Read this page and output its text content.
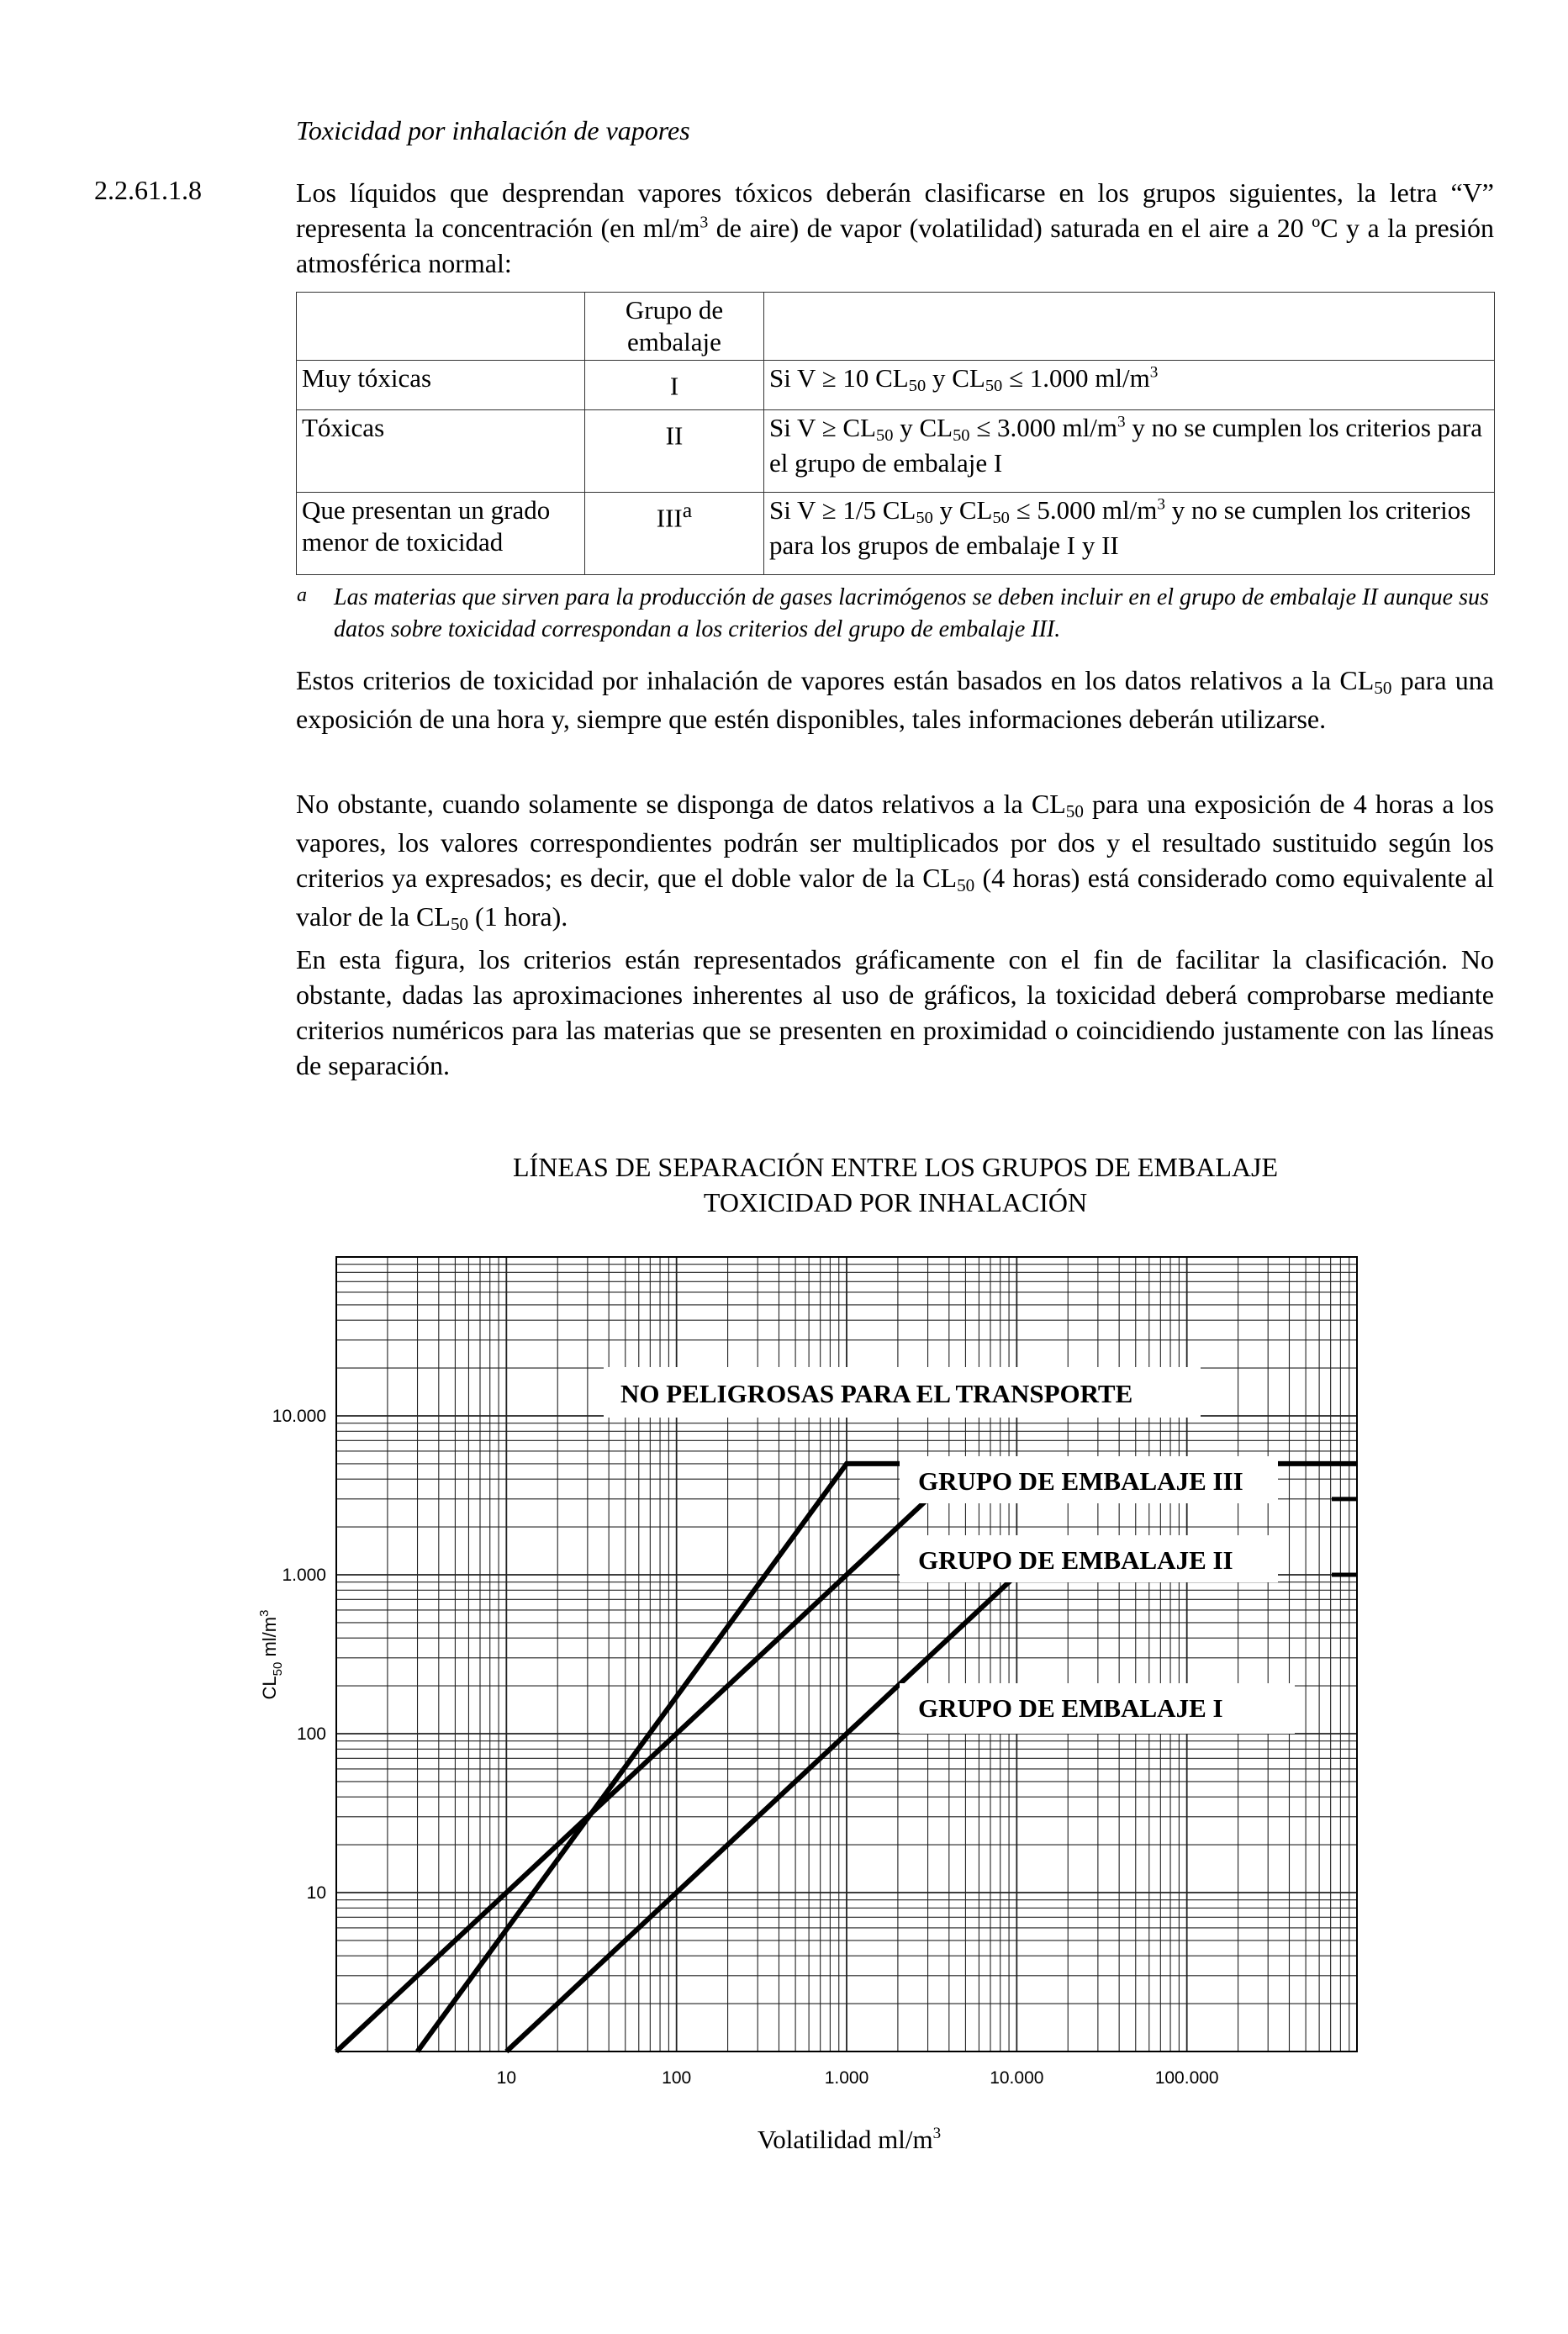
Toxicidad por inhalación de vapores
2.2.61.1.8	Los líquidos que desprendan vapores tóxicos deberán clasificarse en los grupos siguientes, la letra “V” representa la concentración (en $ml/m^3$ de aire) de vapor (volatilidad) saturada en el aire a 20 ºC y a la presión atmosférica normal:
	Grupo de embalaje	
Muy tóxicas	I	Si V ≥ 10 $CL_{50}$ y $CL_{50} \le 1.000$ $ml/m^3$
Tóxicas	II	Si $V \ge CL_{50}$ y $CL_{50} \le 3.000$ $ml/m^3$ y no se cumplen los criterios para el grupo de embalaje I
Que presentan un grado menor de toxicidad	III$^a$	Si V ≥ 1/5 $CL_{50}$ y $CL_{50} \le 5.000$ $ml/m^3$ y no se cumplen los criterios para los grupos de embalaje I y II
a Las materias que sirven para la producción de gases lacrimógenos se deben incluir en el grupo de embalaje II aunque sus datos sobre toxicidad correspondan a los criterios del grupo de embalaje III.
Estos criterios de toxicidad por inhalación de vapores están basados en los datos relativos a la $CL_{50}$ para una exposición de una hora y, siempre que estén disponibles, tales informaciones deberán utilizarse.
No obstante, cuando solamente se disponga de datos relativos a la $CL_{50}$ para una exposición de 4 horas a los vapores, los valores correspondientes podrán ser multiplicados por dos y el resultado sustituido según los criterios ya expresados; es decir, que el doble valor de la $CL_{50}$ (4 horas) está considerado como equivalente al valor de la $CL_{50}$ (1 hora).
En esta figura, los criterios están representados gráficamente con el fin de facilitar la clasificación. No obstante, dadas las aproximaciones inherentes al uso de gráficos, la toxicidad deberá comprobarse mediante criterios numéricos para las materias que se presenten en proximidad o coincidiendo justamente con las líneas de separación.
LÍNEAS DE SEPARACIÓN ENTRE LOS GRUPOS DE EMBALAJE
TOXICIDAD POR INHALACIÓN
NO PELIGROSAS PARA EL TRANSPORTE
GRUPO DE EMBALAJE III
GRUPO DE EMBALAJE II
GRUPO DE EMBALAJE I
10	100	1.000	10.000	100.000
10
100
1.000
10.000
Volatilidad $ml/m^3$
$CL_{50}$ $ml/m^3$
